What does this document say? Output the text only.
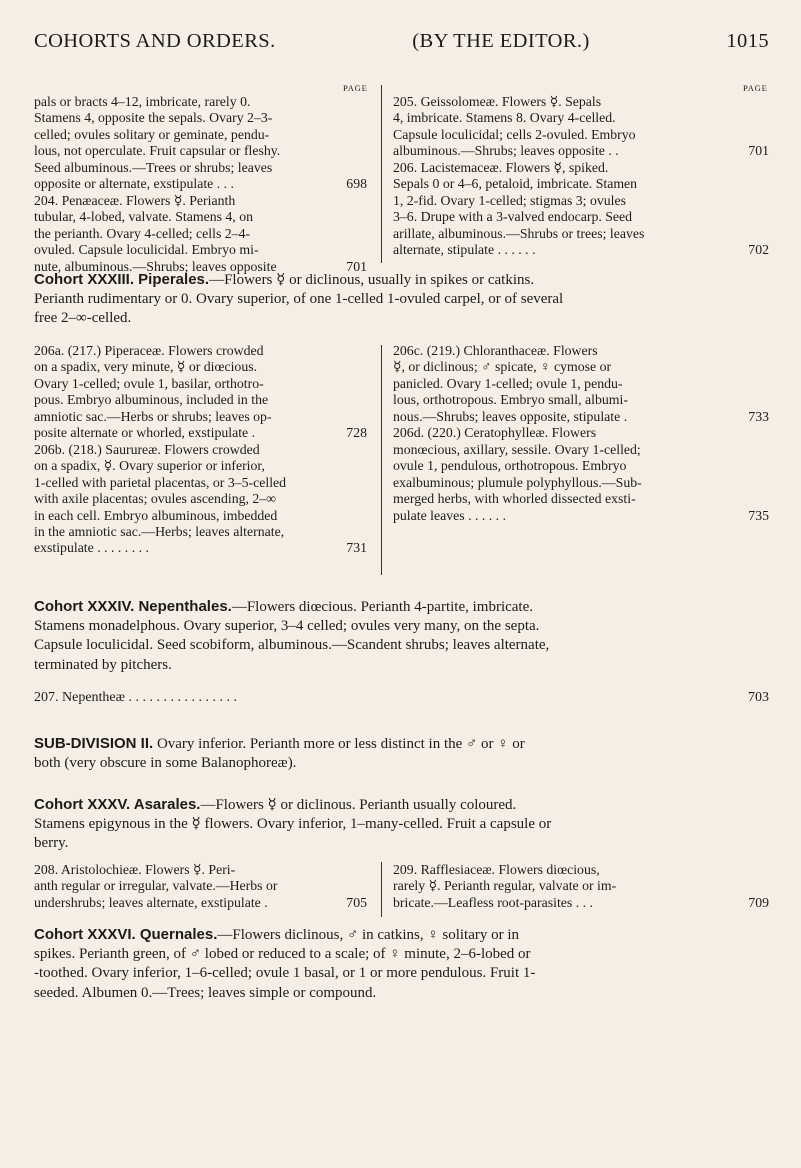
COHORTS AND ORDERS.	(BY THE EDITOR.)	1015
PAGE	PAGE

pals or bracts 4–12, imbricate, rarely 0.

Stamens 4, opposite the sepals. Ovary 2–3-

celled; ovules solitary or geminate, pendu-

lous, not operculate. Fruit capsular or fleshy.

Seed albuminous.—Trees or shrubs; leaves

opposite or alternate, exstipulate . . .	698

204. Penæaceæ. Flowers ☿. Perianth

tubular, 4-lobed, valvate. Stamens 4, on

the perianth. Ovary 4-celled; cells 2–4-

ovuled. Capsule loculicidal. Embryo mi-

nute, albuminous.—Shrubs; leaves opposite	701

205. Geissolomeæ. Flowers ☿. Sepals

4, imbricate. Stamens 8. Ovary 4-celled.

Capsule loculicidal; cells 2-ovuled. Embryo

albuminous.—Shrubs; leaves opposite . .	701

206. Lacistemaceæ. Flowers ☿, spiked.

Sepals 0 or 4–6, petaloid, imbricate. Stamen

1, 2-fid. Ovary 1-celled; stigmas 3; ovules

3–6. Drupe with a 3-valved endocarp. Seed

arillate, albuminous.—Shrubs or trees; leaves

alternate, stipulate . . . . . .	702

Cohort XXXIII. Piperales.—Flowers ☿ or diclinous, usually in spikes or catkins.

Perianth rudimentary or 0. Ovary superior, of one 1-celled 1-ovuled carpel, or of several

free 2–∞-celled.

206a. (217.) Piperaceæ. Flowers crowded

on a spadix, very minute, ☿ or diœcious.

Ovary 1-celled; ovule 1, basilar, orthotro-

pous. Embryo albuminous, included in the

amniotic sac.—Herbs or shrubs; leaves op-

posite alternate or whorled, exstipulate .	728

206b. (218.) Saurureæ. Flowers crowded

on a spadix, ☿. Ovary superior or inferior,

1-celled with parietal placentas, or 3–5-celled

with axile placentas; ovules ascending, 2–∞

in each cell. Embryo albuminous, imbedded

in the amniotic sac.—Herbs; leaves alternate,

exstipulate . . . . . . . .	731

206c. (219.) Chloranthaceæ. Flowers

☿, or diclinous; ♂ spicate, ♀ cymose or

panicled. Ovary 1-celled; ovule 1, pendu-

lous, orthotropous. Embryo small, albumi-

nous.—Shrubs; leaves opposite, stipulate .	733

206d. (220.) Ceratophylleæ. Flowers

monœcious, axillary, sessile. Ovary 1-celled;

ovule 1, pendulous, orthotropous. Embryo

exalbuminous; plumule polyphyllous.—Sub-

merged herbs, with whorled dissected exsti-

pulate leaves . . . . . .	735

Cohort XXXIV. Nepenthales.—Flowers diœcious. Perianth 4-partite, imbricate.

Stamens monadelphous. Ovary superior, 3–4 celled; ovules very many, on the septa.

Capsule loculicidal. Seed scobiform, albuminous.—Scandent shrubs; leaves alternate,

terminated by pitchers.

207. Nepentheæ . . . . . . . . . . . . . . . .	703

SUB-DIVISION II. Ovary inferior. Perianth more or less distinct in the ♂ or ♀ or

both (very obscure in some Balanophoreæ).

Cohort XXXV. Asarales.—Flowers ☿ or diclinous. Perianth usually coloured.

Stamens epigynous in the ☿ flowers. Ovary inferior, 1–many-celled. Fruit a capsule or

berry.

208. Aristolochieæ. Flowers ☿. Peri-

anth regular or irregular, valvate.—Herbs or

undershrubs; leaves alternate, exstipulate .	705

209. Rafflesiaceæ. Flowers diœcious,

rarely ☿. Perianth regular, valvate or im-

bricate.—Leafless root-parasites . . .	709

Cohort XXXVI. Quernales.—Flowers diclinous, ♂ in catkins, ♀ solitary or in

spikes. Perianth green, of ♂ lobed or reduced to a scale; of ♀ minute, 2–6-lobed or

-toothed. Ovary inferior, 1–6-celled; ovule 1 basal, or 1 or more pendulous. Fruit 1-

seeded. Albumen 0.—Trees; leaves simple or compound.
